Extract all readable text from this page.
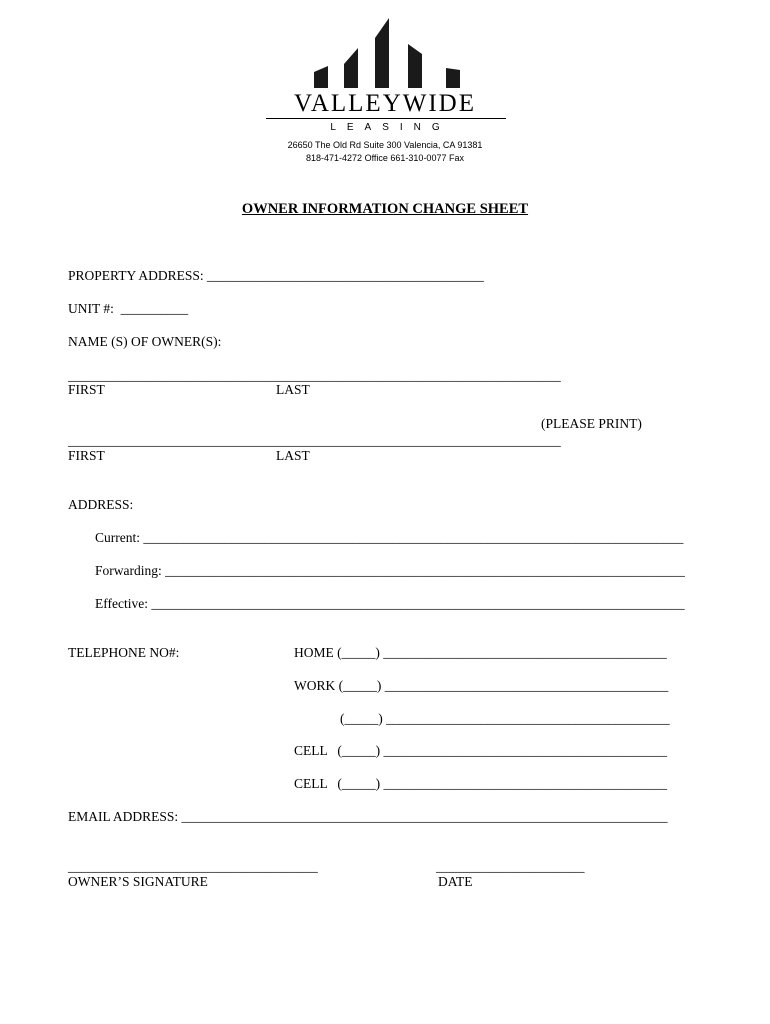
VALLEYWIDE
LEASING
26650 The Old Rd Suite 300 Valencia, CA 91381
818-471-4272 Office 661-310-0077 Fax
OWNER INFORMATION CHANGE SHEET
PROPERTY ADDRESS: _________________________________________
UNIT #:  __________
NAME (S) OF OWNER(S):
_________________________________________________________________________
FIRST	LAST
(PLEASE PRINT)
_________________________________________________________________________
FIRST	LAST
ADDRESS:
Current: ________________________________________________________________________________
Forwarding: _____________________________________________________________________________
Effective: _______________________________________________________________________________
TELEPHONE NO#:	HOME (_____) __________________________________________
WORK (_____) __________________________________________
(_____) __________________________________________
CELL   (_____) __________________________________________
CELL   (_____) __________________________________________
EMAIL ADDRESS: ________________________________________________________________________
_____________________________________
OWNER’S SIGNATURE
______________________
DATE
